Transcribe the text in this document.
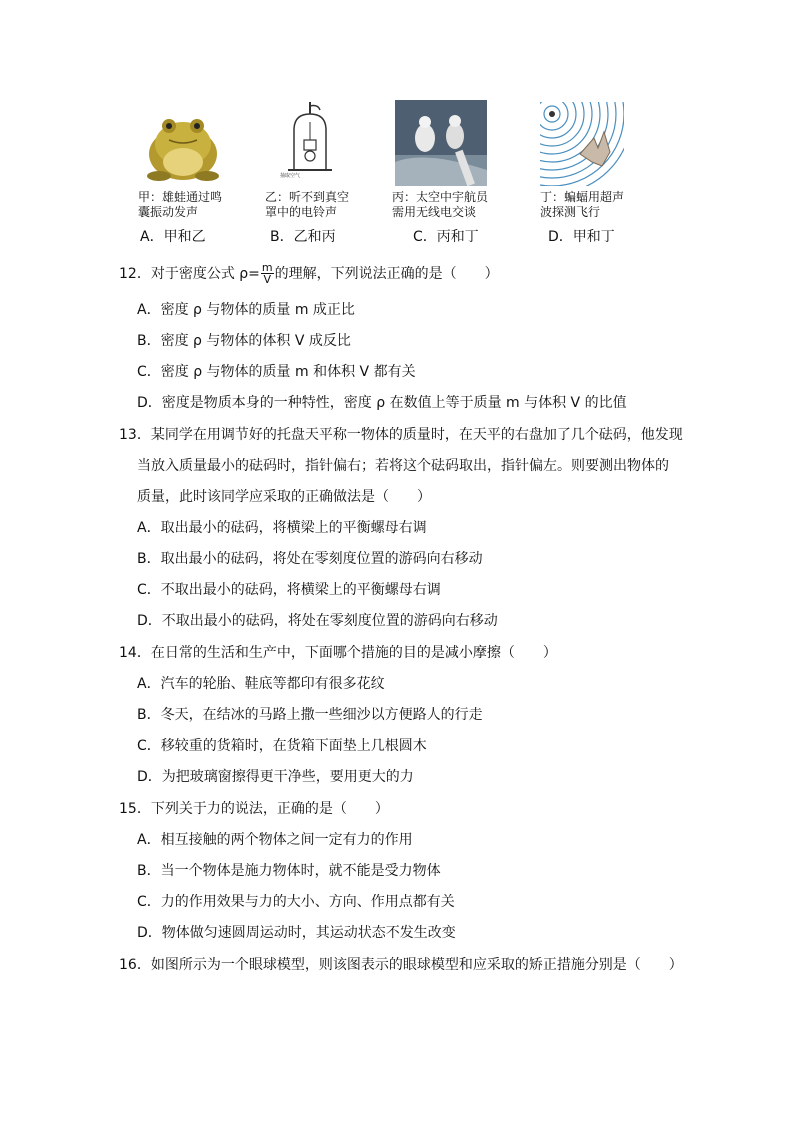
抽取空气
甲：雄蛙通过鸣
囊振动发声
乙：听不到真空
罩中的电铃声
丙：太空中宇航员
需用无线电交谈
丁：蝙蝠用超声
波探测飞行
A．甲和乙	B．乙和丙	C．丙和丁	D．甲和丁
12．对于密度公式 $\rho= \frac{m}{V}$ 的理解，下列说法正确的是（　　）
A．密度 ρ 与物体的质量 m 成正比
B．密度 ρ 与物体的体积 V 成反比
C．密度 ρ 与物体的质量 m 和体积 V 都有关
D．密度是物质本身的一种特性，密度 ρ 在数值上等于质量 m 与体积 V 的比值
13．某同学在用调节好的托盘天平称一物体的质量时，在天平的右盘加了几个砝码，他发现
当放入质量最小的砝码时，指针偏右；若将这个砝码取出，指针偏左。则要测出物体的
质量，此时该同学应采取的正确做法是（　　）
A．取出最小的砝码，将横梁上的平衡螺母右调
B．取出最小的砝码，将处在零刻度位置的游码向右移动
C．不取出最小的砝码，将横梁上的平衡螺母右调
D．不取出最小的砝码，将处在零刻度位置的游码向右移动
14．在日常的生活和生产中，下面哪个措施的目的是减小摩擦（　　）
A．汽车的轮胎、鞋底等都印有很多花纹
B．冬天，在结冰的马路上撒一些细沙以方便路人的行走
C．移较重的货箱时，在货箱下面垫上几根圆木
D．为把玻璃窗擦得更干净些，要用更大的力
15．下列关于力的说法，正确的是（　　）
A．相互接触的两个物体之间一定有力的作用
B．当一个物体是施力物体时，就不能是受力物体
C．力的作用效果与力的大小、方向、作用点都有关
D．物体做匀速圆周运动时，其运动状态不发生改变
16．如图所示为一个眼球模型，则该图表示的眼球模型和应采取的矫正措施分别是（　　）
